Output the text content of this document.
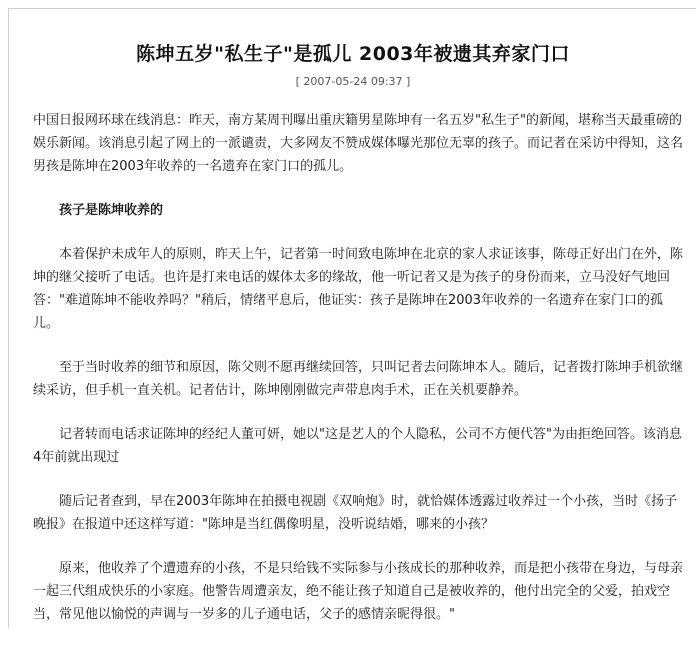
陈坤五岁"私生子"是孤儿 2003年被遗其弃家门口
[ 2007-05-24 09:37 ]

中国日报网环球在线消息：昨天，南方某周刊曝出重庆籍男星陈坤有一名五岁"私生子"的新闻，堪称当天最重磅的娱乐新闻。该消息引起了网上的一派谴责，大多网友不赞成媒体曝光那位无辜的孩子。而记者在采访中得知，这名男孩是陈坤在2003年收养的一名遗弃在家门口的孤儿。

孩子是陈坤收养的

本着保护未成年人的原则，昨天上午，记者第一时间致电陈坤在北京的家人求证该事，陈母正好出门在外，陈坤的继父接听了电话。也许是打来电话的媒体太多的缘故，他一听记者又是为孩子的身份而来，立马没好气地回答："难道陈坤不能收养吗？"稍后，情绪平息后，他证实：孩子是陈坤在2003年收养的一名遗弃在家门口的孤儿。

至于当时收养的细节和原因，陈父则不愿再继续回答，只叫记者去问陈坤本人。随后，记者拨打陈坤手机欲继续采访，但手机一直关机。记者估计，陈坤刚刚做完声带息肉手术，正在关机要静养。

记者转而电话求证陈坤的经纪人董可妍，她以"这是艺人的个人隐私，公司不方便代答"为由拒绝回答。该消息4年前就出现过

随后记者查到，早在2003年陈坤在拍摄电视剧《双响炮》时，就恰媒体透露过收养过一个小孩，当时《扬子晚报》在报道中还这样写道："陈坤是当红偶像明星，没听说结婚，哪来的小孩？

原来，他收养了个遭遗弃的小孩，不是只给钱不实际参与小孩成长的那种收养，而是把小孩带在身边，与母亲一起三代组成快乐的小家庭。他警告周遭亲友，绝不能让孩子知道自己是被收养的，他付出完全的父爱，拍戏空当，常见他以愉悦的声调与一岁多的儿子通电话，父子的感情亲昵得很。"
